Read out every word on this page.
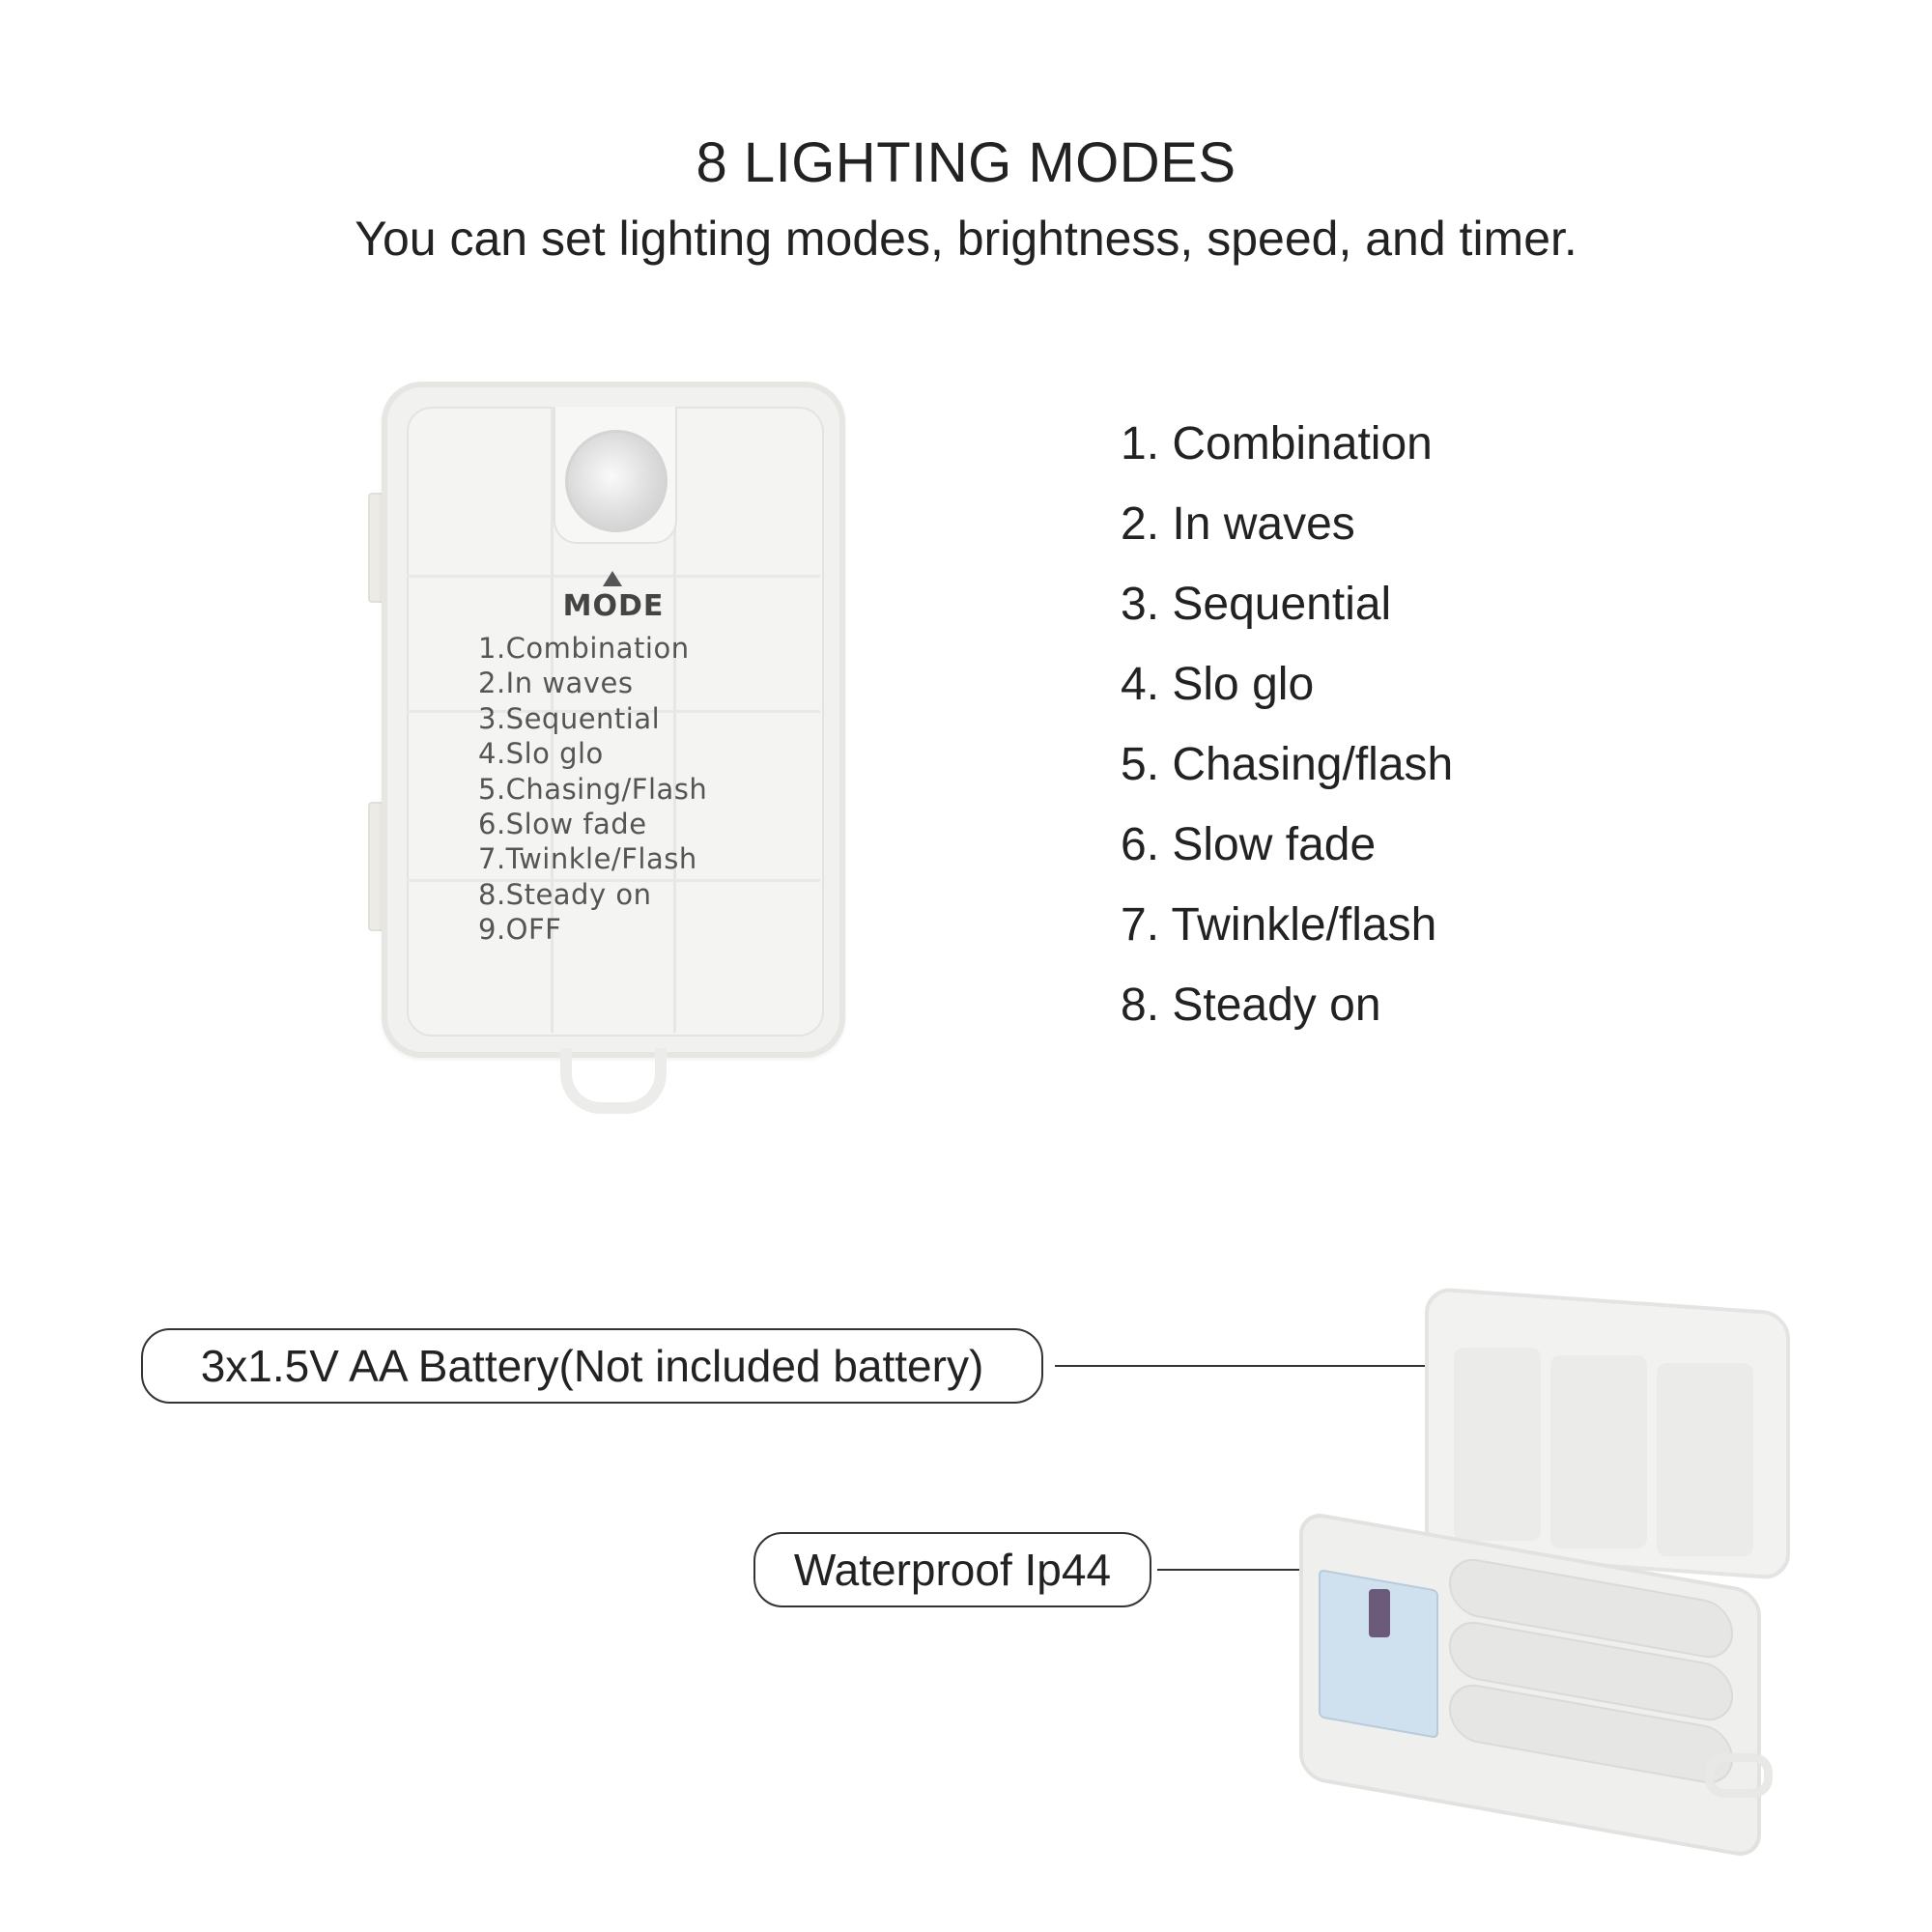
8 LIGHTING MODES
You can set lighting modes, brightness, speed, and timer.
MODE
1.Combination
2.In waves
3.Sequential
4.Slo glo
5.Chasing/Flash
6.Slow fade
7.Twinkle/Flash
8.Steady on
9.OFF
1. Combination
2. In waves
3. Sequential
4. Slo glo
5. Chasing/flash
6. Slow fade
7. Twinkle/flash
8. Steady on
3x1.5V AA Battery(Not included battery)
Waterproof Ip44
